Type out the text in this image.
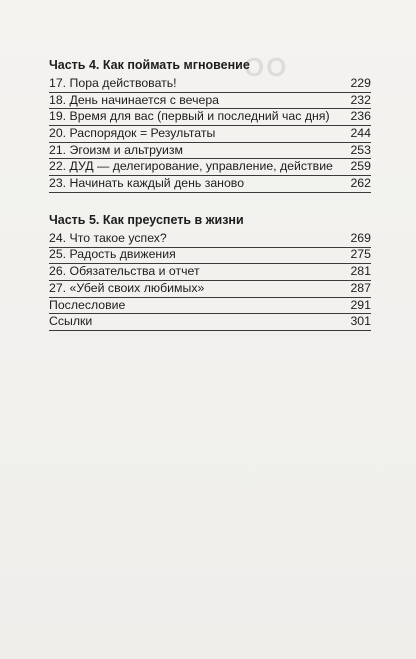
ОО
Часть 4. Как поймать мгновение
17. Пора действовать!	229
18. День начинается с вечера	232
19. Время для вас (первый и последний час дня)	236
20. Распорядок = Результаты	244
21. Эгоизм и альтруизм	253
22. ДУД — делегирование, управление, действие	259
23. Начинать каждый день заново	262
Часть 5. Как преуспеть в жизни
24. Что такое успех?	269
25. Радость движения	275
26. Обязательства и отчет	281
27. «Убей своих любимых»	287
Послесловие	291
Ссылки	301
